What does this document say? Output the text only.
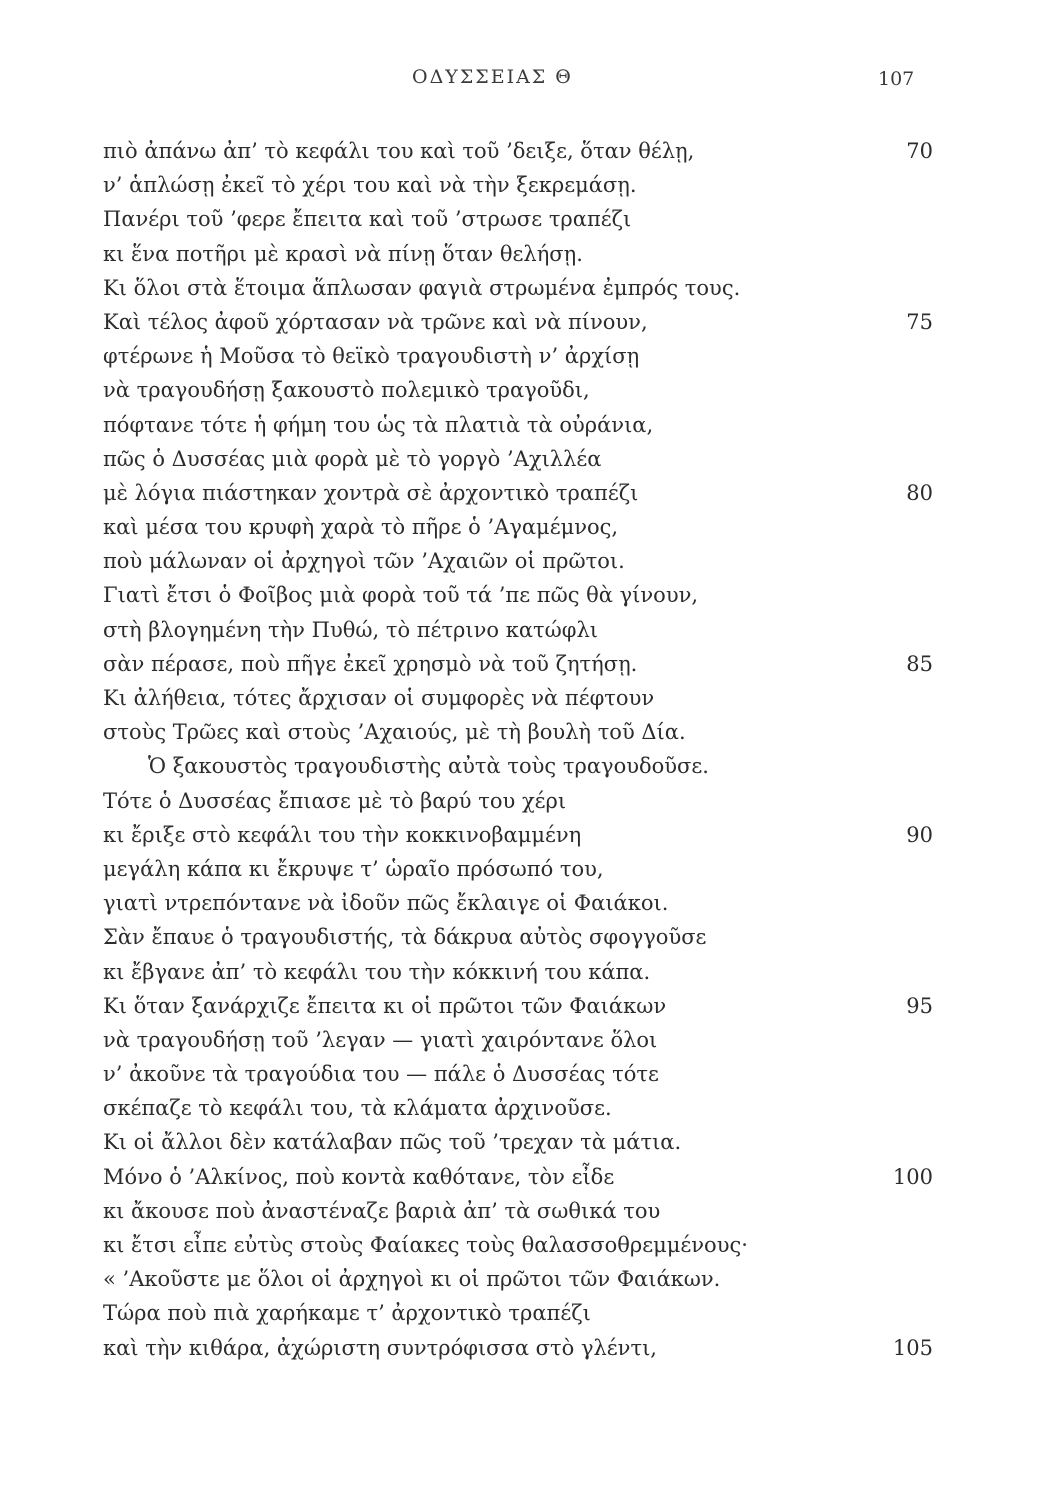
ΟΔΥΣΣΕΙΑΣ Θ	107
πιὸ ἀπάνω ἀπ’ τὸ κεφάλι του καὶ τοῦ ’δειξε, ὅταν θέλῃ,	70
ν’ ἁπλώσῃ ἐκεῖ τὸ χέρι του καὶ νὰ τὴν ξεκρεμάσῃ.
Πανέρι τοῦ ’φερε ἔπειτα καὶ τοῦ ’στρωσε τραπέζι
κι ἕνα ποτῆρι μὲ κρασὶ νὰ πίνῃ ὅταν θελήσῃ.
Κι ὅλοι στὰ ἕτοιμα ἅπλωσαν φαγιὰ στρωμένα ἐμπρός τους.
Καὶ τέλος ἀφοῦ χόρτασαν νὰ τρῶνε καὶ νὰ πίνουν,	75
φτέρωνε ἡ Μοῦσα τὸ θεϊκὸ τραγουδιστὴ ν’ ἀρχίσῃ
νὰ τραγουδήσῃ ξακουστὸ πολεμικὸ τραγοῦδι,
πόφτανε τότε ἡ φήμη του ὡς τὰ πλατιὰ τὰ οὐράνια,
πῶς ὁ Δυσσέας μιὰ φορὰ μὲ τὸ γοργὸ ’Αχιλλέα
μὲ λόγια πιάστηκαν χοντρὰ σὲ ἀρχοντικὸ τραπέζι	80
καὶ μέσα του κρυφὴ χαρὰ τὸ πῆρε ὁ ’Αγαμέμνος,
ποὺ μάλωναν οἱ ἀρχηγοὶ τῶν ’Αχαιῶν οἱ πρῶτοι.
Γιατὶ ἔτσι ὁ Φοῖβος μιὰ φορὰ τοῦ τά ’πε πῶς θὰ γίνουν,
στὴ βλογημένη τὴν Πυθώ, τὸ πέτρινο κατώφλι
σὰν πέρασε, ποὺ πῆγε ἐκεῖ χρησμὸ νὰ τοῦ ζητήσῃ.	85
Κι ἀλήθεια, τότες ἄρχισαν οἱ συμφορὲς νὰ πέφτουν
στοὺς Τρῶες καὶ στοὺς ’Αχαιούς, μὲ τὴ βουλὴ τοῦ Δία.
Ὁ ξακουστὸς τραγουδιστὴς αὐτὰ τοὺς τραγουδοῦσε.
Τότε ὁ Δυσσέας ἔπιασε μὲ τὸ βαρύ του χέρι
κι ἔριξε στὸ κεφάλι του τὴν κοκκινοβαμμένη	90
μεγάλη κάπα κι ἔκρυψε τ’ ὡραῖο πρόσωπό του,
γιατὶ ντρεπόντανε νὰ ἰδοῦν πῶς ἔκλαιγε οἱ Φαιάκοι.
Σὰν ἔπαυε ὁ τραγουδιστής, τὰ δάκρυα αὐτὸς σφογγοῦσε
κι ἔβγανε ἀπ’ τὸ κεφάλι του τὴν κόκκινή του κάπα.
Κι ὅταν ξανάρχιζε ἔπειτα κι οἱ πρῶτοι τῶν Φαιάκων	95
νὰ τραγουδήσῃ τοῦ ’λεγαν — γιατὶ χαιρόντανε ὅλοι
ν’ ἀκοῦνε τὰ τραγούδια του — πάλε ὁ Δυσσέας τότε
σκέπαζε τὸ κεφάλι του, τὰ κλάματα ἀρχινοῦσε.
Κι οἱ ἄλλοι δὲν κατάλαβαν πῶς τοῦ ’τρεχαν τὰ μάτια.
Μόνο ὁ ’Αλκίνος, ποὺ κοντὰ καθότανε, τὸν εἶδε	100
κι ἄκουσε ποὺ ἀναστέναζε βαριὰ ἀπ’ τὰ σωθικά του
κι ἔτσι εἶπε εὐτὺς στοὺς Φαίακες τοὺς θαλασσοθρεμμένους·
« ’Ακοῦστε με ὅλοι οἱ ἀρχηγοὶ κι οἱ πρῶτοι τῶν Φαιάκων.
Τώρα ποὺ πιὰ χαρήκαμε τ’ ἀρχοντικὸ τραπέζι
καὶ τὴν κιθάρα, ἀχώριστη συντρόφισσα στὸ γλέντι,	105
